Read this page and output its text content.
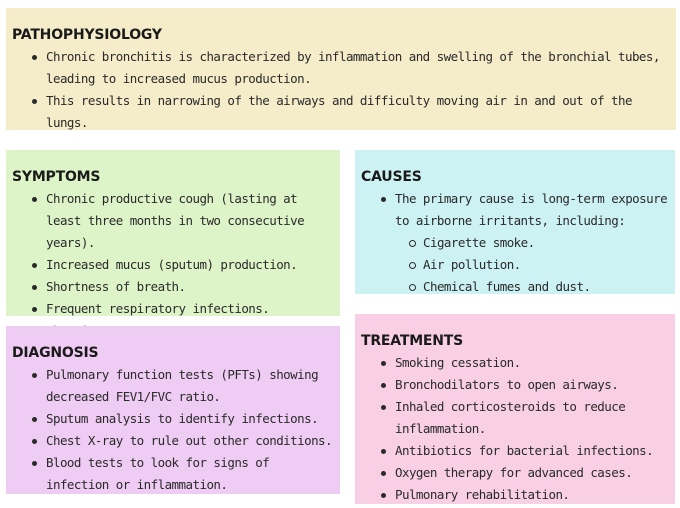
PATHOPHYSIOLOGY
Chronic bronchitis is characterized by inflammation and swelling of the bronchial tubes, leading to increased mucus production.
This results in narrowing of the airways and difficulty moving air in and out of the lungs.
SYMPTOMS
Chronic productive cough (lasting at least three months in two consecutive years).
Increased mucus (sputum) production.
Shortness of breath.
Frequent respiratory infections.
CAUSES
The primary cause is long-term exposure to airborne irritants, including:
Cigarette smoke.
Air pollution.
Chemical fumes and dust.
DIAGNOSIS
Pulmonary function tests (PFTs) showing decreased FEV1/FVC ratio.
Sputum analysis to identify infections.
Chest X-ray to rule out other conditions.
Blood tests to look for signs of infection or inflammation.
TREATMENTS
Smoking cessation.
Bronchodilators to open airways.
Inhaled corticosteroids to reduce inflammation.
Antibiotics for bacterial infections.
Oxygen therapy for advanced cases.
Pulmonary rehabilitation.
